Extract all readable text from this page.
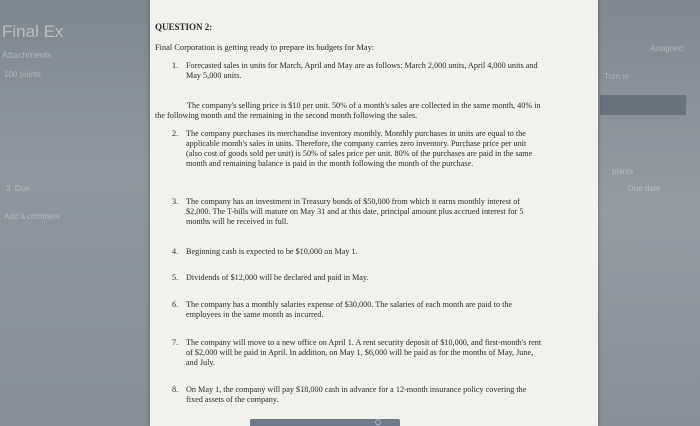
Final Ex
Attachments
100 points
3. Due
Add a comment
Assigned
Turn in
points
Due date
QUESTION 2:
Final Corporation is getting ready to prepare its budgets for May:
1. Forecasted sales in units for March, April and May are as follows: March 2,000 units, April 4,000 units and May 5,000 units.
The company's selling price is $10 per unit. 50% of a month's sales are collected in the same month, 40% in the following month and the remaining in the second month following the sales.
2. The company purchases its merchandise inventory monthly. Monthly purchases in units are equal to the applicable month's sales in units. Therefore, the company carries zero inventory. Purchase price per unit (also cost of goods sold per unit) is 50% of sales price per unit. 80% of the purchases are paid in the same month and remaining balance is paid in the month following the month of the purchase.
3. The company has an investment in Treasury bonds of $50,000 from which it earns monthly interest of $2,000. The T-bills will mature on May 31 and at this date, principal amount plus accrued interest for 5 months will be received in full.
4. Beginning cash is expected to be $10,000 on May 1.
5. Dividends of $12,000 will be declared and paid in May.
6. The company has a monthly salaries expense of $30,000. The salaries of each month are paid to the employees in the same month as incurred.
7. The company will move to a new office on April 1. A rent security deposit of $10,000, and first-month's rent of $2,000 will be paid in April. In addition, on May 1, $6,000 will be paid as for the months of May, June, and July.
8. On May 1, the company will pay $18,000 cash in advance for a 12-month insurance policy covering the fixed assets of the company.
○
